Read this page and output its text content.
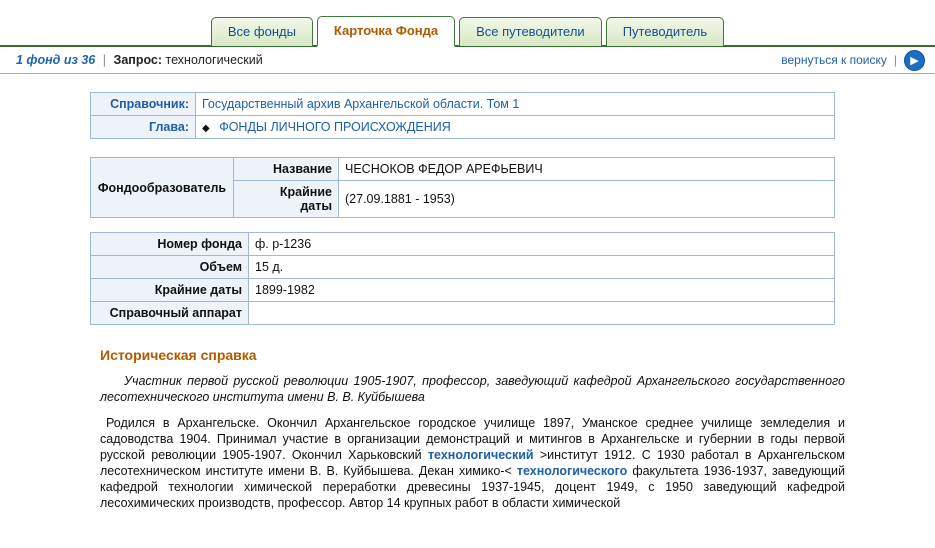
Все фонды	Карточка Фонда	Все путеводители	Путеводитель
1 фонд из 36 | Запрос: технологический	вернуться к поиску |	▶
Справочник:	Государственный архив Архангельской области. Том 1
Глава:	◆ ФОНДЫ ЛИЧНОГО ПРОИСХОЖДЕНИЯ
Фондообразователь	Название	ЧЕСНОКОВ ФЕДОР АРЕФЬЕВИЧ
	Крайние
даты	(27.09.1881 - 1953)
Номер фонда	ф. р-1236
Объем	15 д.
Крайние даты	1899-1982
Справочный аппарат	
Историческая справка
Участник первой русской революции 1905-1907, профессор, заведующий кафедрой Архангельского государственного лесотехнического института имени В. В. Куйбышева
Родился в Архангельске. Окончил Архангельское городское училище 1897, Уманское среднее училище земледелия и садоводства 1904. Принимал участие в организации демонстраций и митингов в Архангельске и губернии в годы первой русской революции 1905-1907. Окончил Харьковский технологический >институт 1912. С 1930 работал в Архангельском лесотехническом институте имени В. В. Куйбышева. Декан химико-< технологического факультета 1936-1937, заведующий кафедрой технологии химической переработки древесины 1937-1945, доцент 1949, с 1950 заведующий кафедрой лесохимических производств, профессор. Автор 14 крупных работ в области химической
